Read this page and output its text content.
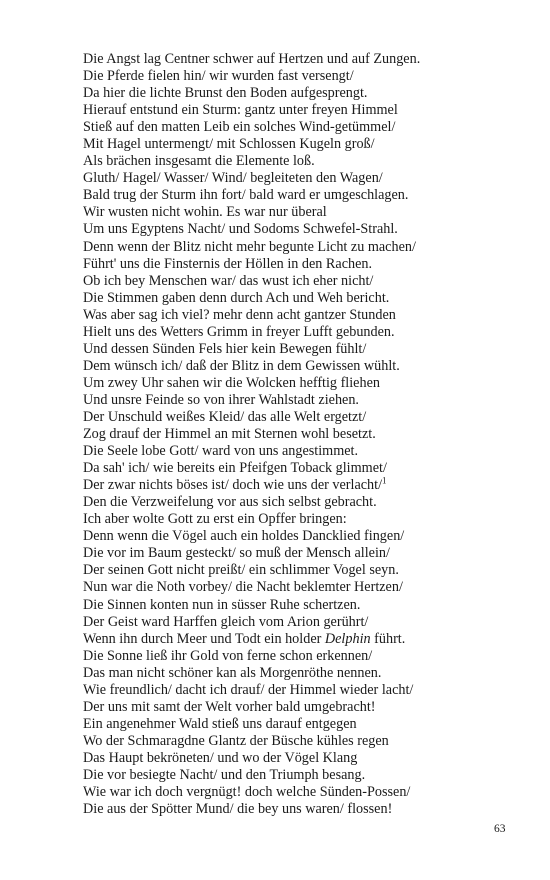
Die Angst lag Centner schwer auf Hertzen und auf Zungen.
Die Pferde fielen hin/ wir wurden fast versengt/
Da hier die lichte Brunst den Boden aufgesprengt.
Hierauf entstund ein Sturm: gantz unter freyen Himmel
Stieß auf den matten Leib ein solches Wind-getümmel/
Mit Hagel untermengt/ mit Schlossen Kugeln groß/
Als brächen insgesamt die Elemente loß.
Gluth/ Hagel/ Wasser/ Wind/ begleiteten den Wagen/
Bald trug der Sturm ihn fort/ bald ward er umgeschlagen.
Wir wusten nicht wohin. Es war nur überal
Um uns Egyptens Nacht/ und Sodoms Schwefel-Strahl.
Denn wenn der Blitz nicht mehr begunte Licht zu machen/
Führt' uns die Finsternis der Höllen in den Rachen.
Ob ich bey Menschen war/ das wust ich eher nicht/
Die Stimmen gaben denn durch Ach und Weh bericht.
Was aber sag ich viel? mehr denn acht gantzer Stunden
Hielt uns des Wetters Grimm in freyer Lufft gebunden.
Und dessen Sünden Fels hier kein Bewegen fühlt/
Dem wünsch ich/ daß der Blitz in dem Gewissen wühlt.
Um zwey Uhr sahen wir die Wolcken hefftig fliehen
Und unsre Feinde so von ihrer Wahlstadt ziehen.
Der Unschuld weißes Kleid/ das alle Welt ergetzt/
Zog drauf der Himmel an mit Sternen wohl besetzt.
Die Seele lobe Gott/ ward von uns angestimmet.
Da sah' ich/ wie bereits ein Pfeifgen Toback glimmet/
Der zwar nichts böses ist/ doch wie uns der verlacht/$^1$
Den die Verzweifelung vor aus sich selbst gebracht.
Ich aber wolte Gott zu erst ein Opffer bringen:
Denn wenn die Vögel auch ein holdes Dancklied fingen/
Die vor im Baum gesteckt/ so muß der Mensch allein/
Der seinen Gott nicht preißt/ ein schlimmer Vogel seyn.
Nun war die Noth vorbey/ die Nacht beklemter Hertzen/
Die Sinnen konten nun in süsser Ruhe schertzen.
Der Geist ward Harffen gleich vom Arion gerührt/
Wenn ihn durch Meer und Todt ein holder Delphin führt.
Die Sonne ließ ihr Gold von ferne schon erkennen/
Das man nicht schöner kan als Morgenröthe nennen.
Wie freundlich/ dacht ich drauf/ der Himmel wieder lacht/
Der uns mit samt der Welt vorher bald umgebracht!
Ein angenehmer Wald stieß uns darauf entgegen
Wo der Schmaragdne Glantz der Büsche kühles regen
Das Haupt bekröneten/ und wo der Vögel Klang
Die vor besiegte Nacht/ und den Triumph besang.
Wie war ich doch vergnügt! doch welche Sünden-Possen/
Die aus der Spötter Mund/ die bey uns waren/ flossen!
63
